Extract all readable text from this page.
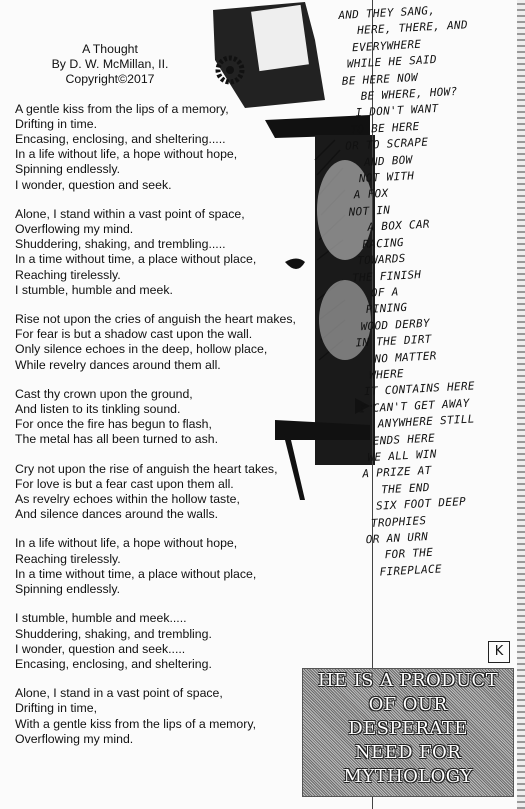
A Thought
By D. W. McMillan, II.
Copyright©2017
A gentle kiss from the lips of a memory,
Drifting in time.
Encasing, enclosing, and sheltering.....
In a life without life, a hope without hope,
Spinning endlessly.
I wonder, question and seek.
Alone, I stand within a vast point of space,
Overflowing my mind.
Shuddering, shaking, and trembling.....
In a time without time, a place without place,
Reaching tirelessly.
I stumble, humble and meek.
Rise not upon the cries of anguish the heart makes,
For fear is but a shadow cast upon the wall.
Only silence echoes in the deep, hollow place,
While revelry dances around them all.
Cast thy crown upon the ground,
And listen to its tinkling sound.
For once the fire has begun to flash,
The metal has all been turned to ash.
Cry not upon the rise of anguish the heart takes,
For love is but a fear cast upon them all.
As revelry echoes within the hollow taste,
And silence dances around the walls.
In a life without life, a hope without hope,
Reaching tirelessly.
In a time without time, a place without place,
Spinning endlessly.
I stumble, humble and meek.....
Shuddering, shaking, and trembling.
I wonder, question and seek.....
Encasing, enclosing, and sheltering.
Alone, I stand in a vast point of space,
Drifting in time,
With a gentle kiss from the lips of a memory,
Overflowing my mind.
AND THEY SANG,
HERE, THERE, AND
EVERYWHERE
WHILE HE SAID
BE HERE NOW
BE WHERE, HOW?
I DON'T WANT
TO BE HERE
OR TO SCRAPE
AND BOW
NOT WITH
A FOX
NOT IN
A BOX CAR
RACING
TOWARDS
THE FINISH
OF A
PINING
WOOD DERBY
IN THE DIRT
NO MATTER
WHERE
IT CONTAINS HERE
I CAN'T GET AWAY
ANYWHERE STILL
ENDS HERE
WE ALL WIN
A PRIZE AT
THE END
SIX FOOT DEEP
TROPHIES
OR AN URN
FOR THE
FIREPLACE
K
HE IS A PRODUCT
OF OUR
DESPERATE
NEED FOR
MYTHOLOGY
